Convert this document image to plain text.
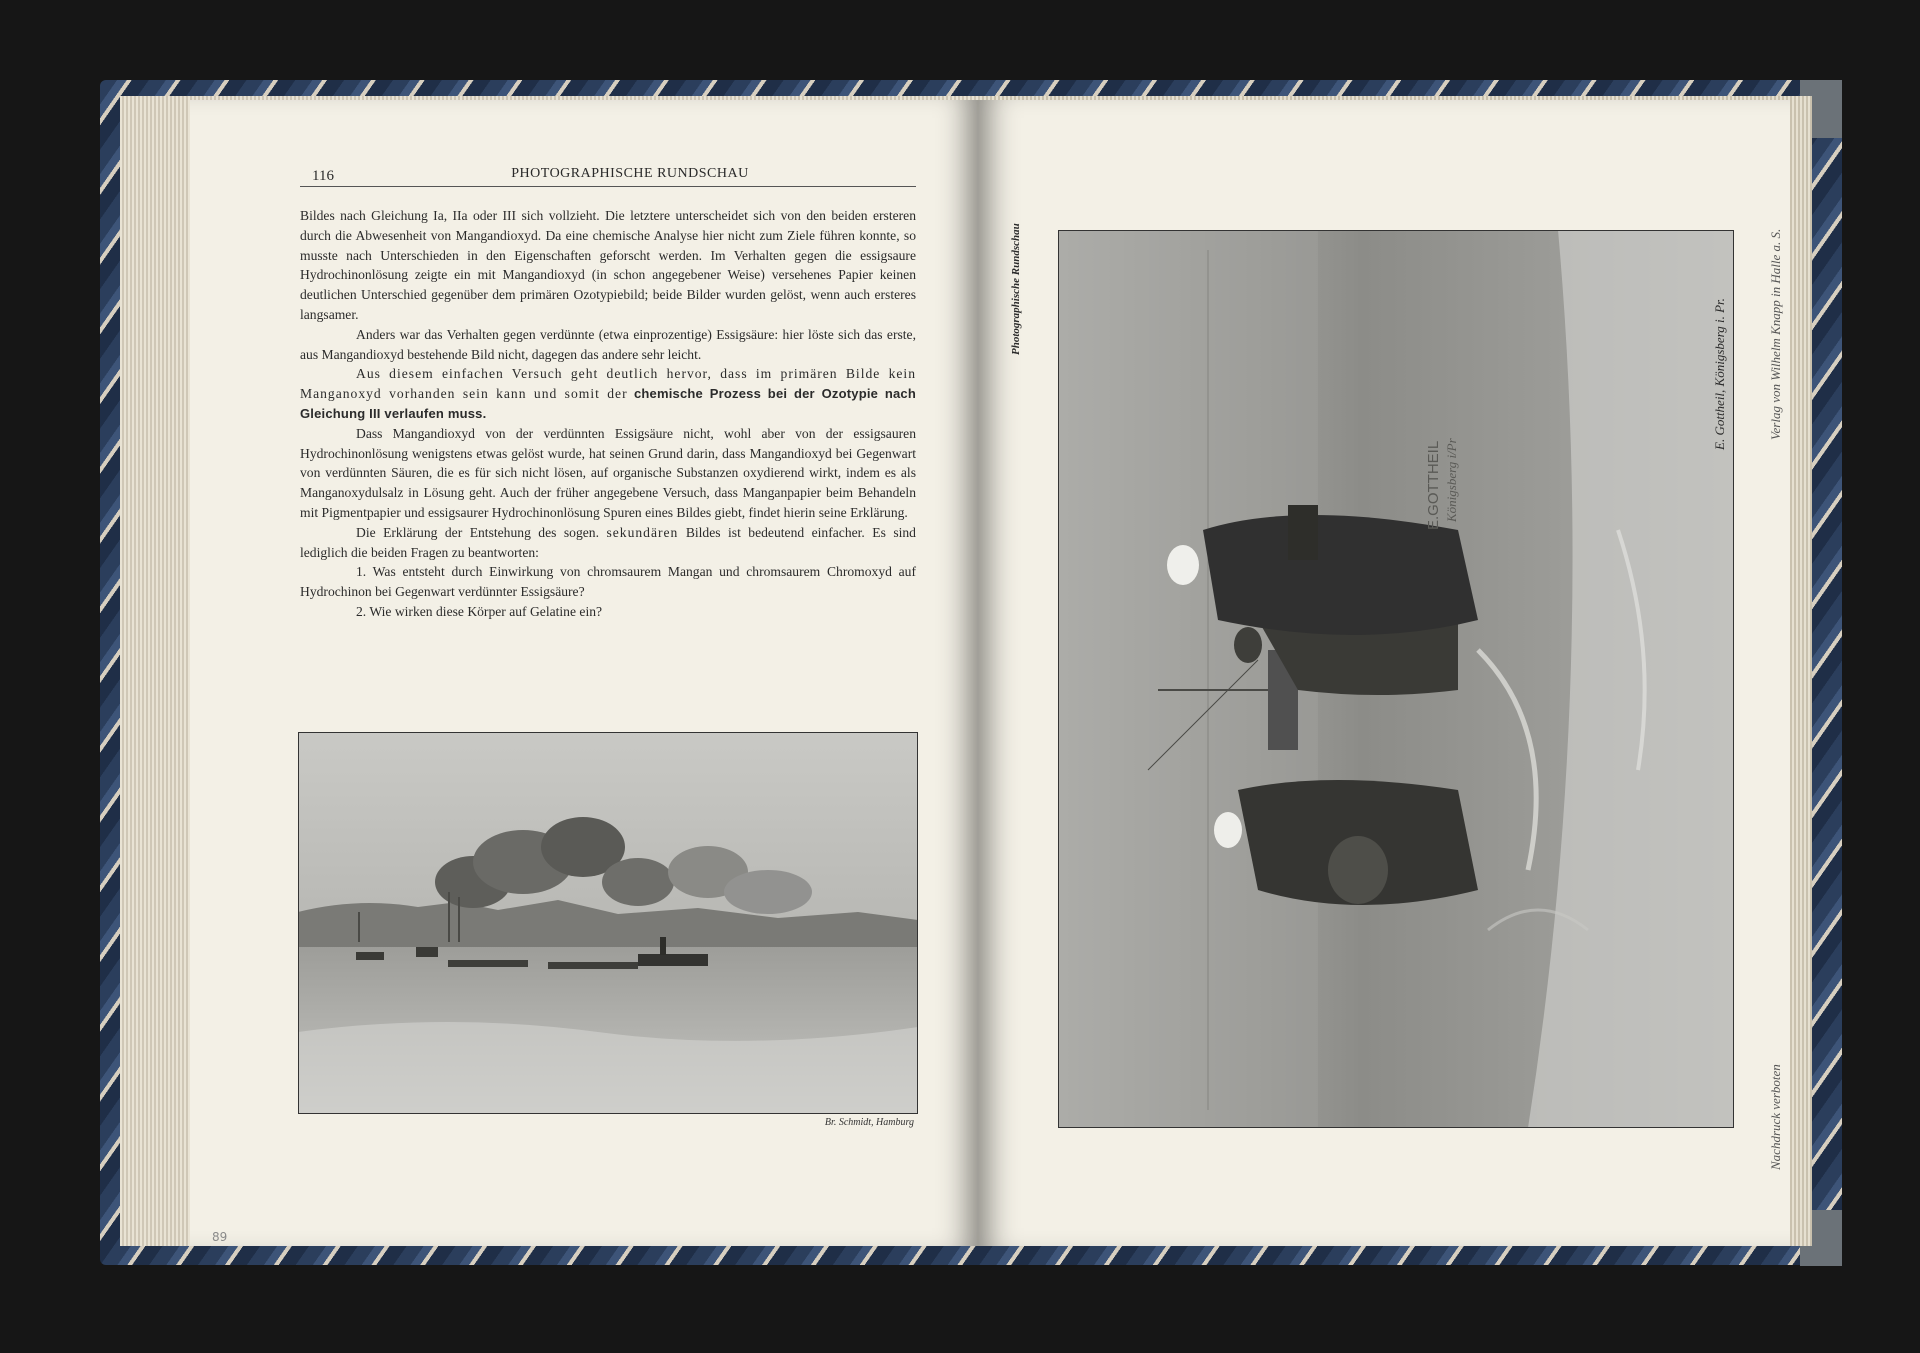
116	PHOTOGRAPHISCHE RUNDSCHAU

Bildes nach Gleichung Ia, IIa oder III sich vollzieht. Die letztere unterscheidet sich von den beiden ersteren durch die Abwesenheit von Mangandioxyd. Da eine chemische Analyse hier nicht zum Ziele führen konnte, so musste nach Unterschieden in den Eigenschaften geforscht werden. Im Verhalten gegen die essigsaure Hydrochinonlösung zeigte ein mit Mangandioxyd (in schon angegebener Weise) versehenes Papier keinen deutlichen Unterschied gegenüber dem primären Ozotypiebild; beide Bilder wurden gelöst, wenn auch ersteres langsamer.

Anders war das Verhalten gegen verdünnte (etwa einprozentige) Essigsäure: hier löste sich das erste, aus Mangandioxyd bestehende Bild nicht, dagegen das andere sehr leicht.

Aus diesem einfachen Versuch geht deutlich hervor, dass im primären Bilde kein Manganoxyd vorhanden sein kann und somit der chemische Prozess bei der Ozotypie nach Gleichung III verlaufen muss.

Dass Mangandioxyd von der verdünnten Essigsäure nicht, wohl aber von der essigsauren Hydrochinonlösung wenigstens etwas gelöst wurde, hat seinen Grund darin, dass Mangandioxyd bei Gegenwart von verdünnten Säuren, die es für sich nicht lösen, auf organische Substanzen oxydierend wirkt, indem es als Manganoxydulsalz in Lösung geht. Auch der früher angegebene Versuch, dass Manganpapier beim Behandeln mit Pigmentpapier und essigsaurer Hydrochinonlösung Spuren eines Bildes giebt, findet hierin seine Erklärung.

Die Erklärung der Entstehung des sogen. sekundären Bildes ist bedeutend einfacher. Es sind lediglich die beiden Fragen zu beantworten:

1. Was entsteht durch Einwirkung von chromsaurem Mangan und chromsaurem Chromoxyd auf Hydrochinon bei Gegenwart verdünnter Essigsäure?

2. Wie wirken diese Körper auf Gelatine ein?

Br. Schmidt, Hamburg
Photographische Rundschau
E.GOTTHEIL Königsberg i/Pr
E. Gottheil, Königsberg i. Pr.	Verlag von Wilhelm Knapp in Halle a. S.
Nachdruck verboten
89
